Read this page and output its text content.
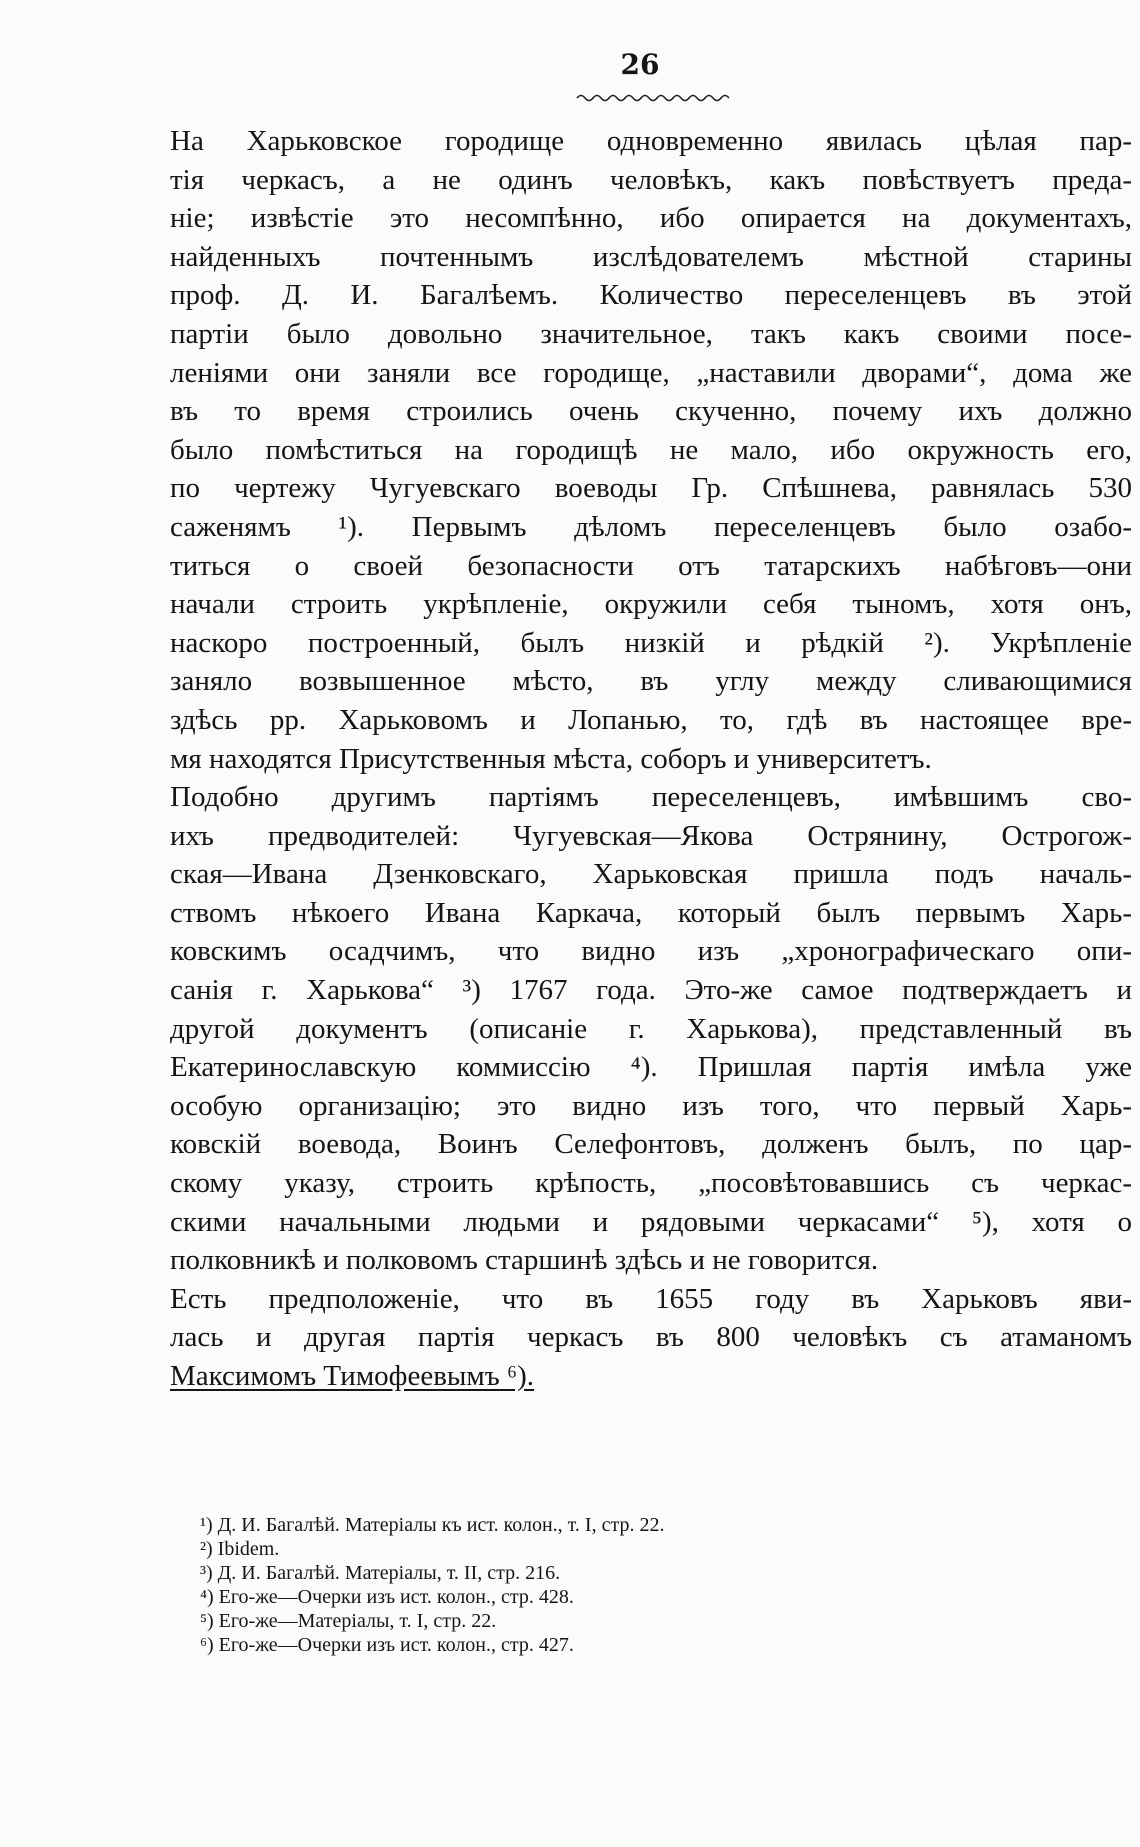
26
На Харьковское городище одновременно явилась цѣлая пар-
тія черкасъ, а не одинъ человѣкъ, какъ повѣствуетъ преда-
ніе; извѣстіе это несомпѣнно, ибо опирается на документахъ,
найденныхъ почтеннымъ изслѣдователемъ мѣстной старины
проф. Д. И. Багалѣемъ. Количество переселенцевъ въ этой
партіи было довольно значительное, такъ какъ своими посе-
леніями они заняли все городище, „наставили дворами“, дома же
въ то время строились очень скученно, почему ихъ должно
было помѣститься на городищѣ не мало, ибо окружность его,
по чертежу Чугуевскаго воеводы Гр. Спѣшнева, равнялась 530
саженямъ ¹). Первымъ дѣломъ переселенцевъ было озабо-
титься о своей безопасности отъ татарскихъ набѣговъ—они
начали строить укрѣпленіе, окружили себя тыномъ, хотя онъ,
наскоро построенный, былъ низкій и рѣдкій ²). Укрѣпленіе
заняло возвышенное мѣсто, въ углу между сливающимися
здѣсь рр. Харьковомъ и Лопанью, то, гдѣ въ настоящее вре-
мя находятся Присутственныя мѣста, соборъ и университетъ.
Подобно другимъ партіямъ переселенцевъ, имѣвшимъ сво-
ихъ предводителей: Чугуевская—Якова Острянину, Острогож-
ская—Ивана Дзенковскаго, Харьковская пришла подъ началь-
ствомъ нѣкоего Ивана Каркача, который былъ первымъ Харь-
ковскимъ осадчимъ, что видно изъ „хронографическаго опи-
санія г. Харькова“ ³) 1767 года. Это-же самое подтверждаетъ и
другой документъ (описаніе г. Харькова), представленный въ
Екатеринославскую коммиссію ⁴). Пришлая партія имѣла уже
особую организацію; это видно изъ того, что первый Харь-
ковскій воевода, Воинъ Селефонтовъ, долженъ былъ, по цар-
скому указу, строить крѣпость, „посовѣтовавшись съ черкас-
скими начальными людьми и рядовыми черкасами“ ⁵), хотя о
полковникѣ и полковомъ старшинѣ здѣсь и не говорится.
Есть предположеніе, что въ 1655 году въ Харьковъ яви-
лась и другая партія черкасъ въ 800 человѣкъ съ атаманомъ
Максимомъ Тимофеевымъ ⁶).
¹) Д. И. Багалѣй. Матеріалы къ ист. колон., т. I, стр. 22.
²) Ibidem.
³) Д. И. Багалѣй. Матеріалы, т. II, стр. 216.
⁴) Его-же—Очерки изъ ист. колон., стр. 428.
⁵) Его-же—Матеріалы, т. I, стр. 22.
⁶) Его-же—Очерки изъ ист. колон., стр. 427.
